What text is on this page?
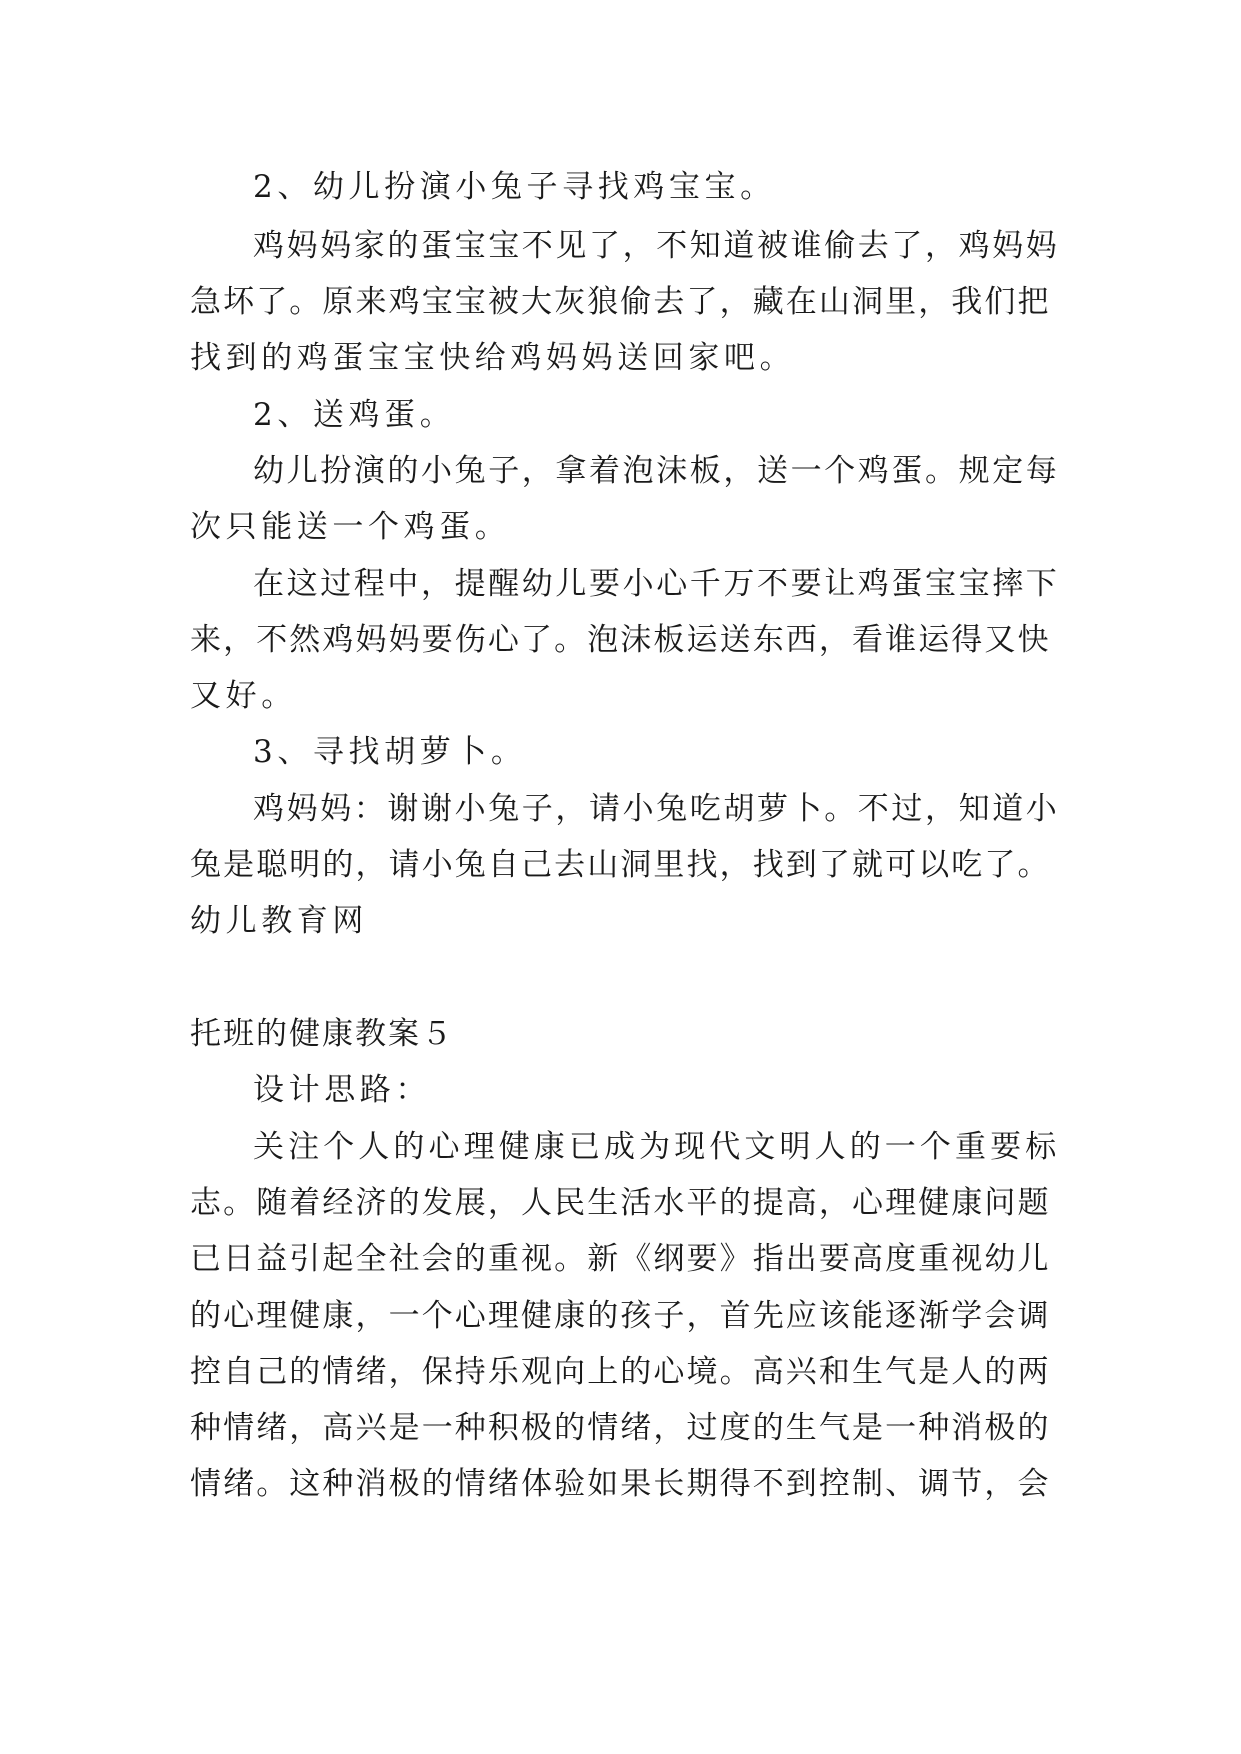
2、幼儿扮演小兔子寻找鸡宝宝。
鸡妈妈家的蛋宝宝不见了，不知道被谁偷去了，鸡妈妈
急坏了。原来鸡宝宝被大灰狼偷去了，藏在山洞里，我们把
找到的鸡蛋宝宝快给鸡妈妈送回家吧。
2、送鸡蛋。
幼儿扮演的小兔子，拿着泡沫板，送一个鸡蛋。规定每
次只能送一个鸡蛋。
在这过程中，提醒幼儿要小心千万不要让鸡蛋宝宝摔下
来，不然鸡妈妈要伤心了。泡沫板运送东西，看谁运得又快
又好。
3、寻找胡萝卜。
鸡妈妈：谢谢小兔子，请小兔吃胡萝卜。不过，知道小
兔是聪明的，请小兔自己去山洞里找，找到了就可以吃了。
幼儿教育网
托班的健康教案５
设计思路：
关注个人的心理健康已成为现代文明人的一个重要标
志。随着经济的发展，人民生活水平的提高，心理健康问题
已日益引起全社会的重视。新《纲要》指出要高度重视幼儿
的心理健康，一个心理健康的孩子，首先应该能逐渐学会调
控自己的情绪，保持乐观向上的心境。高兴和生气是人的两
种情绪，高兴是一种积极的情绪，过度的生气是一种消极的
情绪。这种消极的情绪体验如果长期得不到控制、调节，会
